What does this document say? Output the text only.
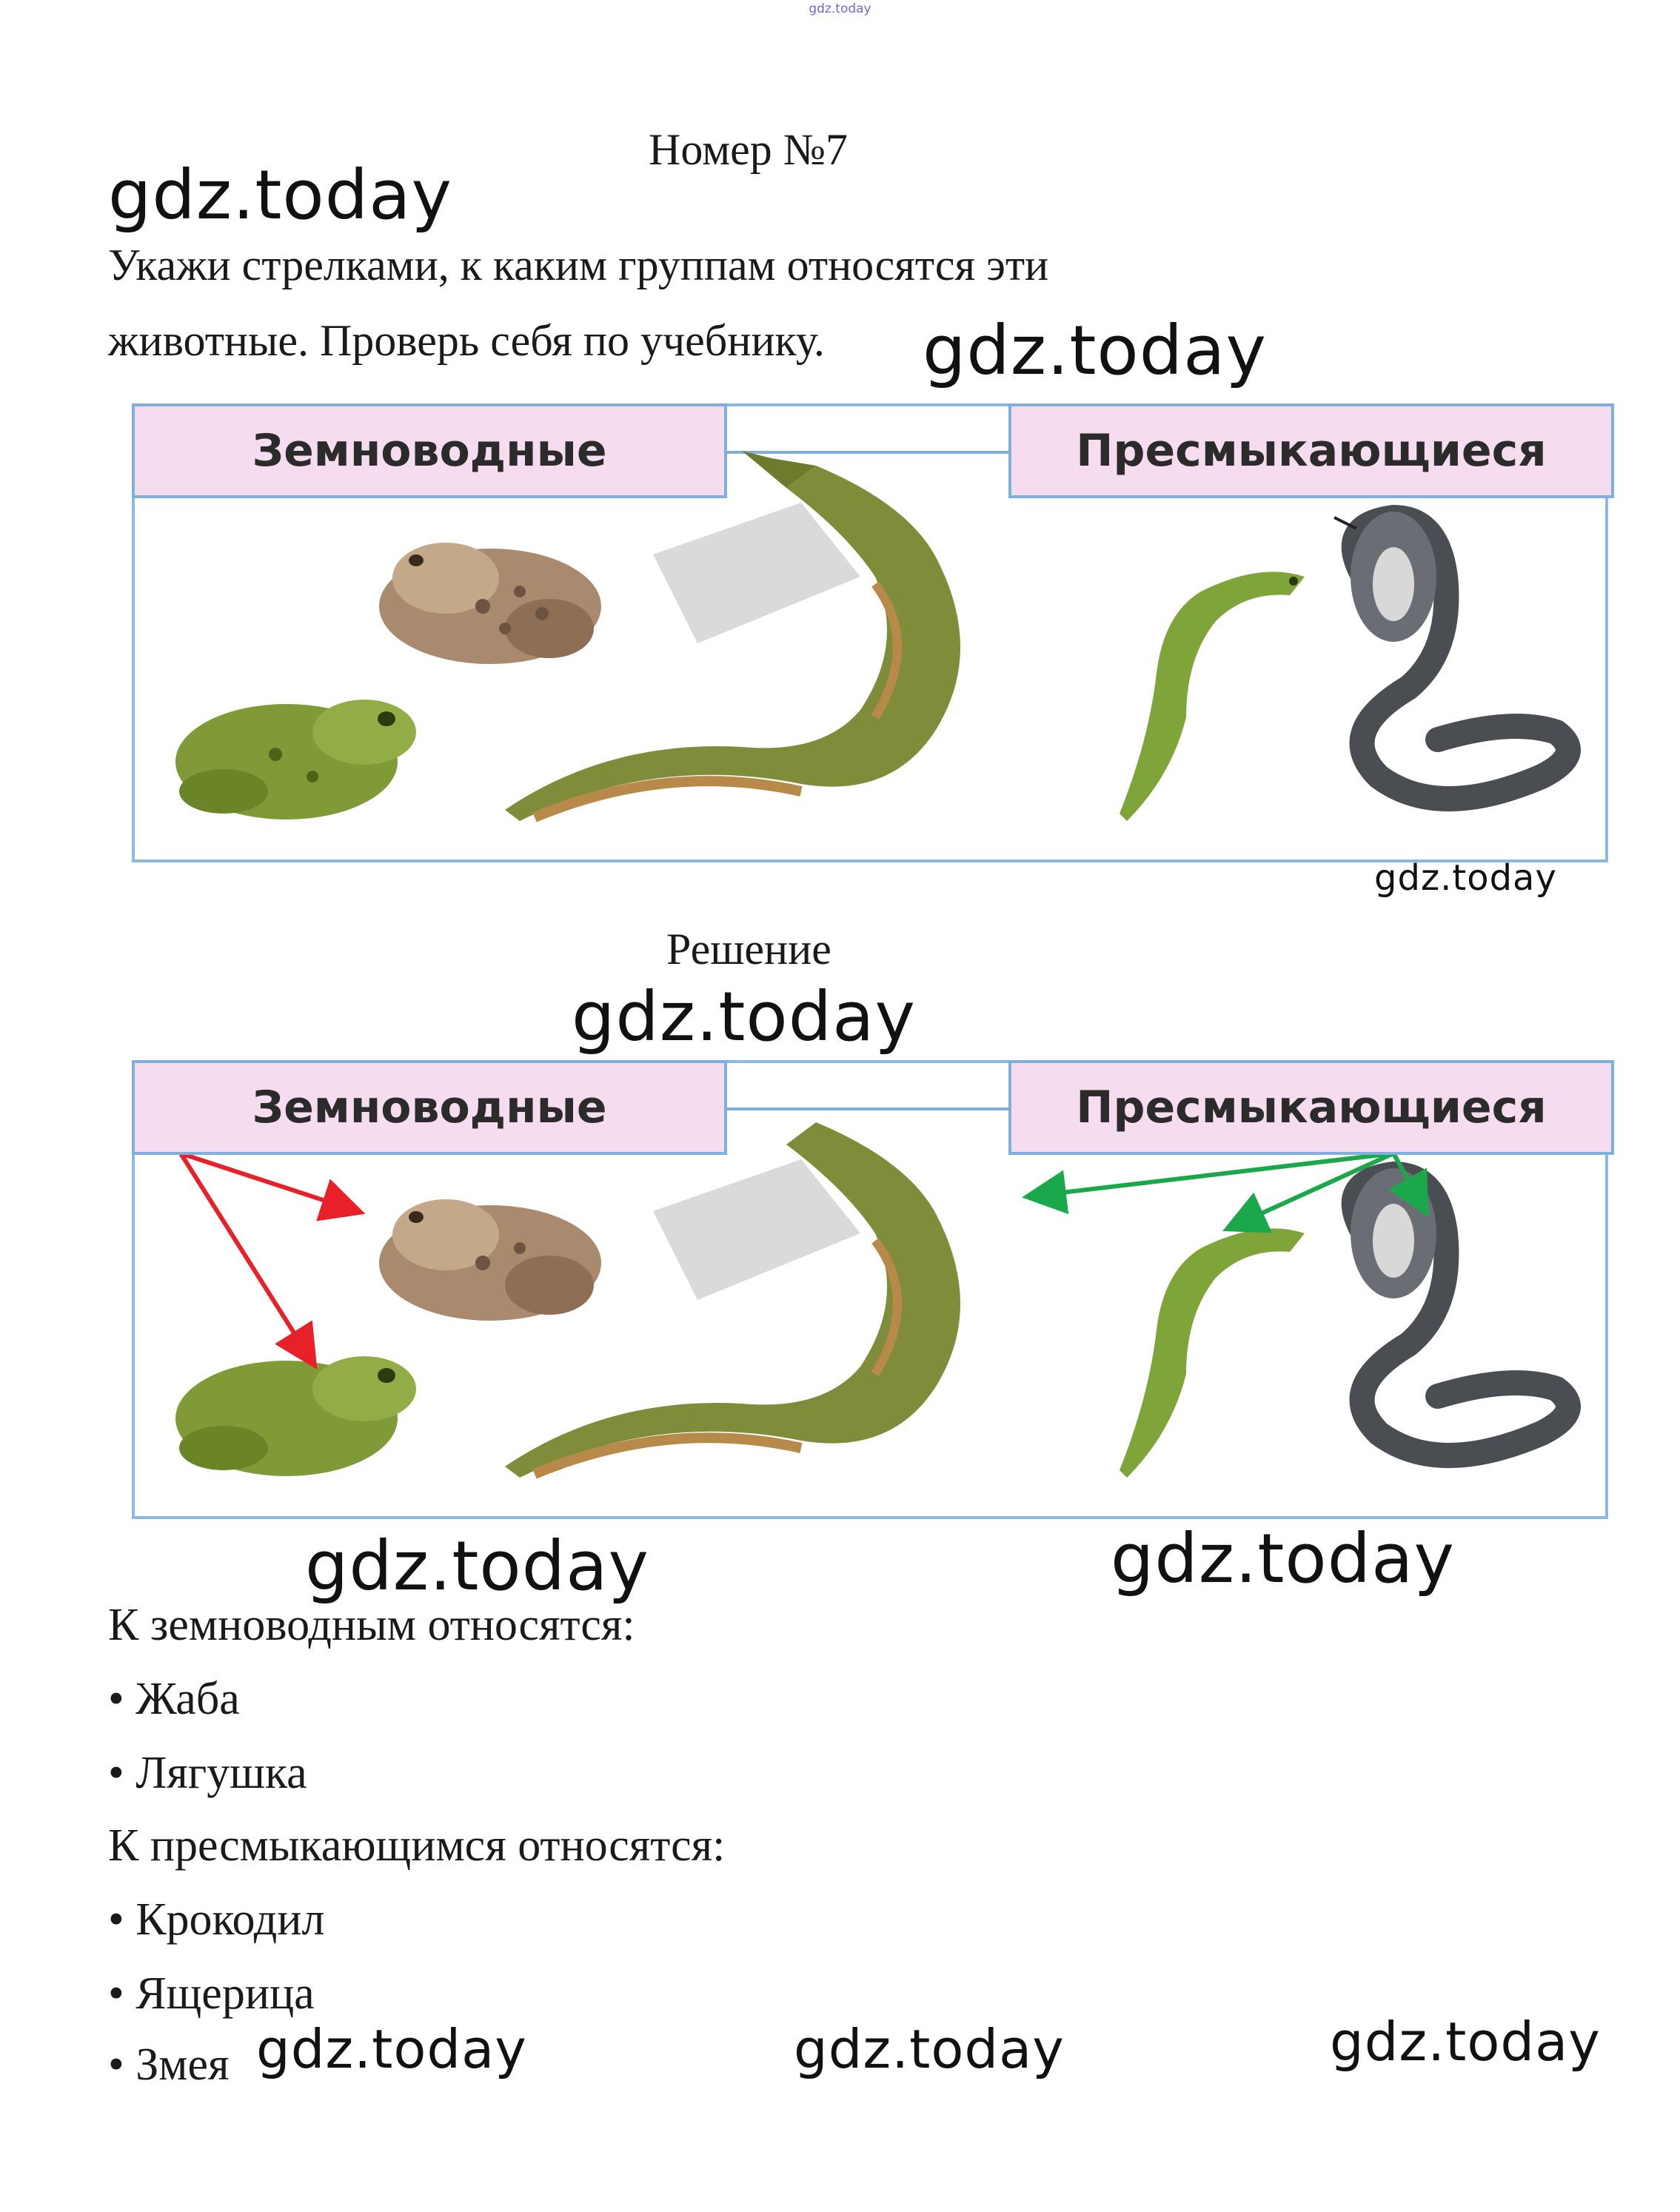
gdz.today
Номер №7
gdz.today
Укажи стрелками, к каким группам относятся эти
животные. Проверь себя по учебнику. gdz.today
Земноводные	Пресмыкающиеся
gdz.today
Решение
gdz.today
Земноводные	Пресмыкающиеся
gdz.today	gdz.today
К земноводным относятся:
• Жаба
• Лягушка
К пресмыкающимся относятся:
• Крокодил
• Ящерица
• Змея gdz.today	gdz.today	gdz.today
